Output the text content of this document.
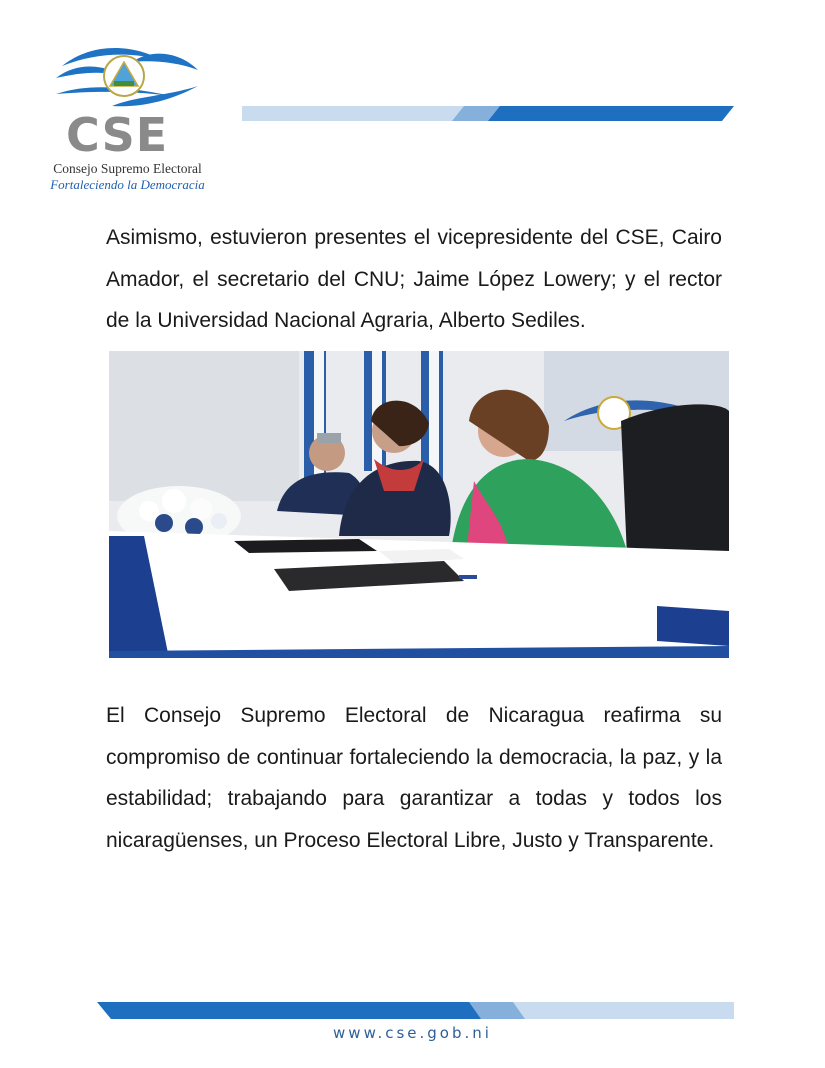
CSE
Consejo Supremo Electoral
Fortaleciendo la Democracia

Asimismo, estuvieron presentes el vicepresidente del CSE, Cairo Amador, el secretario del CNU; Jaime López Lowery; y el rector de la Universidad Nacional Agraria, Alberto Sediles.

El Consejo Supremo Electoral de Nicaragua reafirma su compromiso de continuar fortaleciendo la democracia, la paz, y la estabilidad; trabajando para garantizar a todas y todos los nicaragüenses, un Proceso Electoral Libre, Justo y Transparente.

www.cse.gob.ni
